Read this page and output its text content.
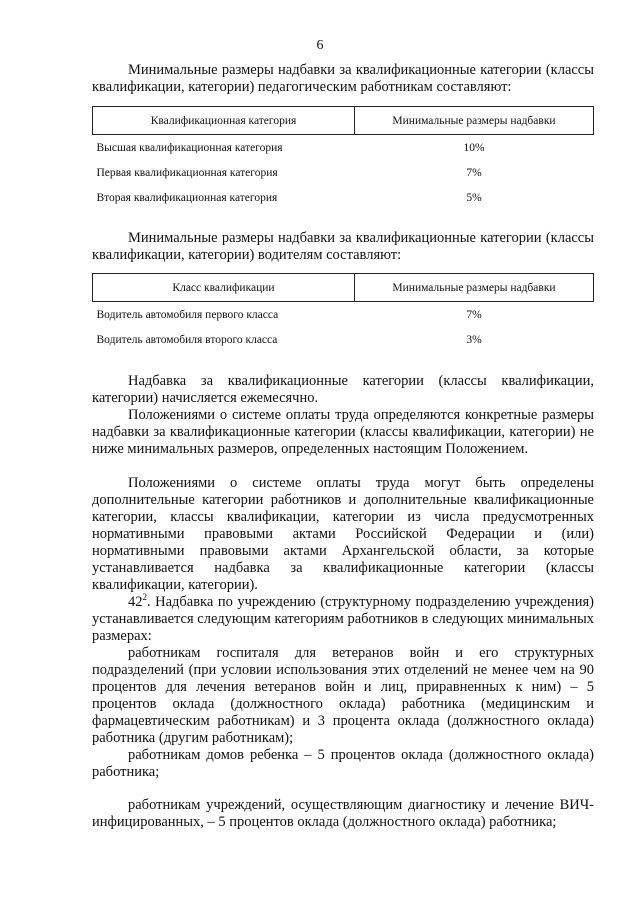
6
Минимальные размеры надбавки за квалификационные категории (классы квалификации, категории) педагогическим работникам составляют:
Квалификационная категория	Минимальные размеры надбавки
Высшая квалификационная категория	10%
Первая квалификационная категория	7%
Вторая квалификационная категория	5%
Минимальные размеры надбавки за квалификационные категории (классы квалификации, категории) водителям составляют:
Класс квалификации	Минимальные размеры надбавки
Водитель автомобиля первого класса	7%
Водитель автомобиля второго класса	3%
Надбавка за квалификационные категории (классы квалификации, категории) начисляется ежемесячно.
Положениями о системе оплаты труда определяются конкретные размеры надбавки за квалификационные категории (классы квалификации, категории) не ниже минимальных размеров, определенных настоящим Положением.
Положениями о системе оплаты труда могут быть определены дополнительные категории работников и дополнительные квалификационные категории, классы квалификации, категории из числа предусмотренных нормативными правовыми актами Российской Федерации и (или) нормативными правовыми актами Архангельской области, за которые устанавливается надбавка за квалификационные категории (классы квалификации, категории).
$42^2$. Надбавка по учреждению (структурному подразделению учреждения) устанавливается следующим категориям работников в следующих минимальных размерах:
работникам госпиталя для ветеранов войн и его структурных подразделений (при условии использования этих отделений не менее чем на 90 процентов для лечения ветеранов войн и лиц, приравненных к ним) – 5 процентов оклада (должностного оклада) работника (медицинским и фармацевтическим работникам) и 3 процента оклада (должностного оклада) работника (другим работникам);
работникам домов ребенка – 5 процентов оклада (должностного оклада) работника;
работникам учреждений, осуществляющим диагностику и лечение ВИЧ-инфицированных, – 5 процентов оклада (должностного оклада) работника;
